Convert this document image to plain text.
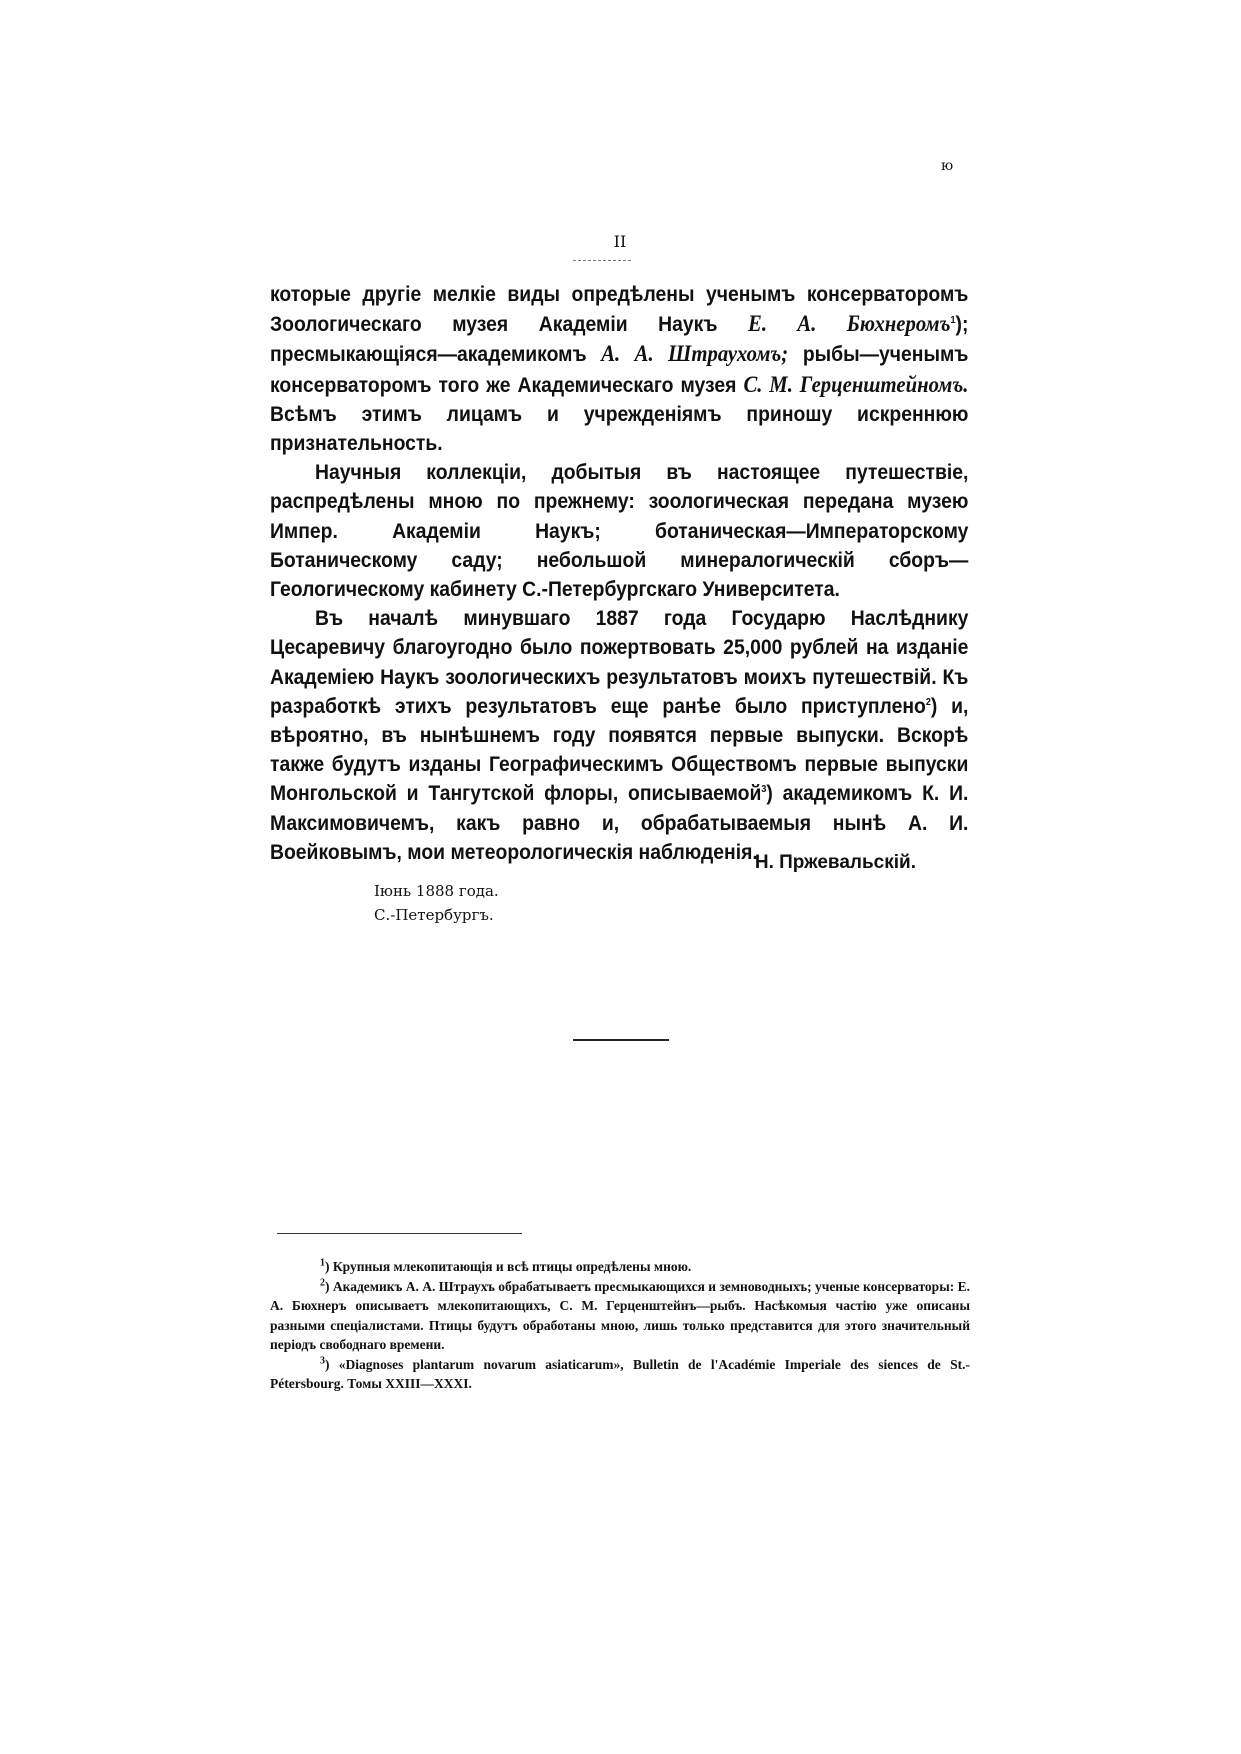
ю
II

которые другіе мелкіе виды опредѣлены ученымъ консерваторомъ Зоологическаго музея Академіи Наукъ Е. А. Бюхнеромъ$^1$); пресмыкающіяся—академикомъ А. А. Штраухомъ; рыбы—ученымъ консерваторомъ того же Академическаго музея С. М. Герценштейномъ. Всѣмъ этимъ лицамъ и учрежденіямъ приношу искреннюю признательность.

Научныя коллекціи, добытыя въ настоящее путешествіе, распредѣлены мною по прежнему: зоологическая передана музею Импер. Академіи Наукъ; ботаническая—Императорскому Ботаническому саду; небольшой минералогическій сборъ—Геологическому кабинету С.-Петербургскаго Университета.

Въ началѣ минувшаго 1887 года Государю Наслѣднику Цесаревичу благоугодно было пожертвовать 25,000 рублей на изданіе Академіею Наукъ зоологическихъ результатовъ моихъ путешествій. Къ разработкѣ этихъ результатовъ еще ранѣе было приступлено$^2$) и, вѣроятно, въ нынѣшнемъ году появятся первые выпуски. Вскорѣ также будутъ изданы Географическимъ Обществомъ первые выпуски Монгольской и Тангутской флоры, описываемой$^3$) академикомъ К. И. Максимовичемъ, какъ равно и, обрабатываемыя нынѣ А. И. Воейковымъ, мои метеорологическія наблюденія.

Н. Пржевальскій.
Іюнь 1888 года.
С.-Петербургъ.

$^1$) Крупныя млекопитающія и всѣ птицы опредѣлены мною.

$^2$) Академикъ А. А. Штраухъ обрабатываетъ пресмыкающихся и земноводныхъ; ученые консерваторы: Е. А. Бюхнеръ описываетъ млекопитающихъ, С. М. Герценштейнъ—рыбъ. Насѣкомыя частію уже описаны разными спеціалистами. Птицы будутъ обработаны мною, лишь только представится для этого значительный періодъ свободнаго времени.

$^3$) «Diagnoses plantarum novarum asiaticarum», Bulletin de l'Académie Imperiale des siences de St.-Pétersbourg. Томы XXIII—XXXI.
